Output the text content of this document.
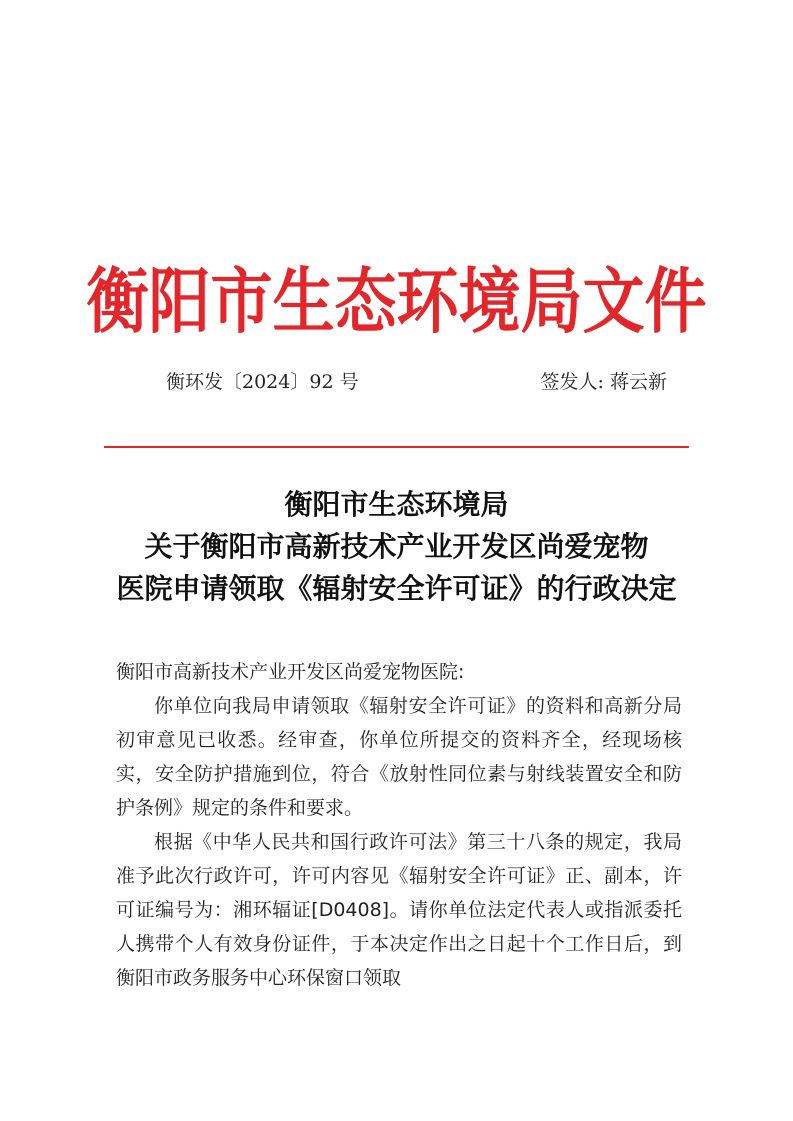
衡阳市生态环境局文件
衡环发〔2024〕92 号	签发人: 蒋云新
衡阳市生态环境局
关于衡阳市高新技术产业开发区尚爱宠物
医院申请领取《辐射安全许可证》的行政决定

衡阳市高新技术产业开发区尚爱宠物医院:

你单位向我局申请领取《辐射安全许可证》的资料和高新分局初审意见已收悉。经审查，你单位所提交的资料齐全，经现场核实，安全防护措施到位，符合《放射性同位素与射线装置安全和防护条例》规定的条件和要求。

根据《中华人民共和国行政许可法》第三十八条的规定，我局准予此次行政许可，许可内容见《辐射安全许可证》正、副本，许可证编号为：湘环辐证[D0408]。请你单位法定代表人或指派委托人携带个人有效身份证件，于本决定作出之日起十个工作日后，到衡阳市政务服务中心环保窗口领取
